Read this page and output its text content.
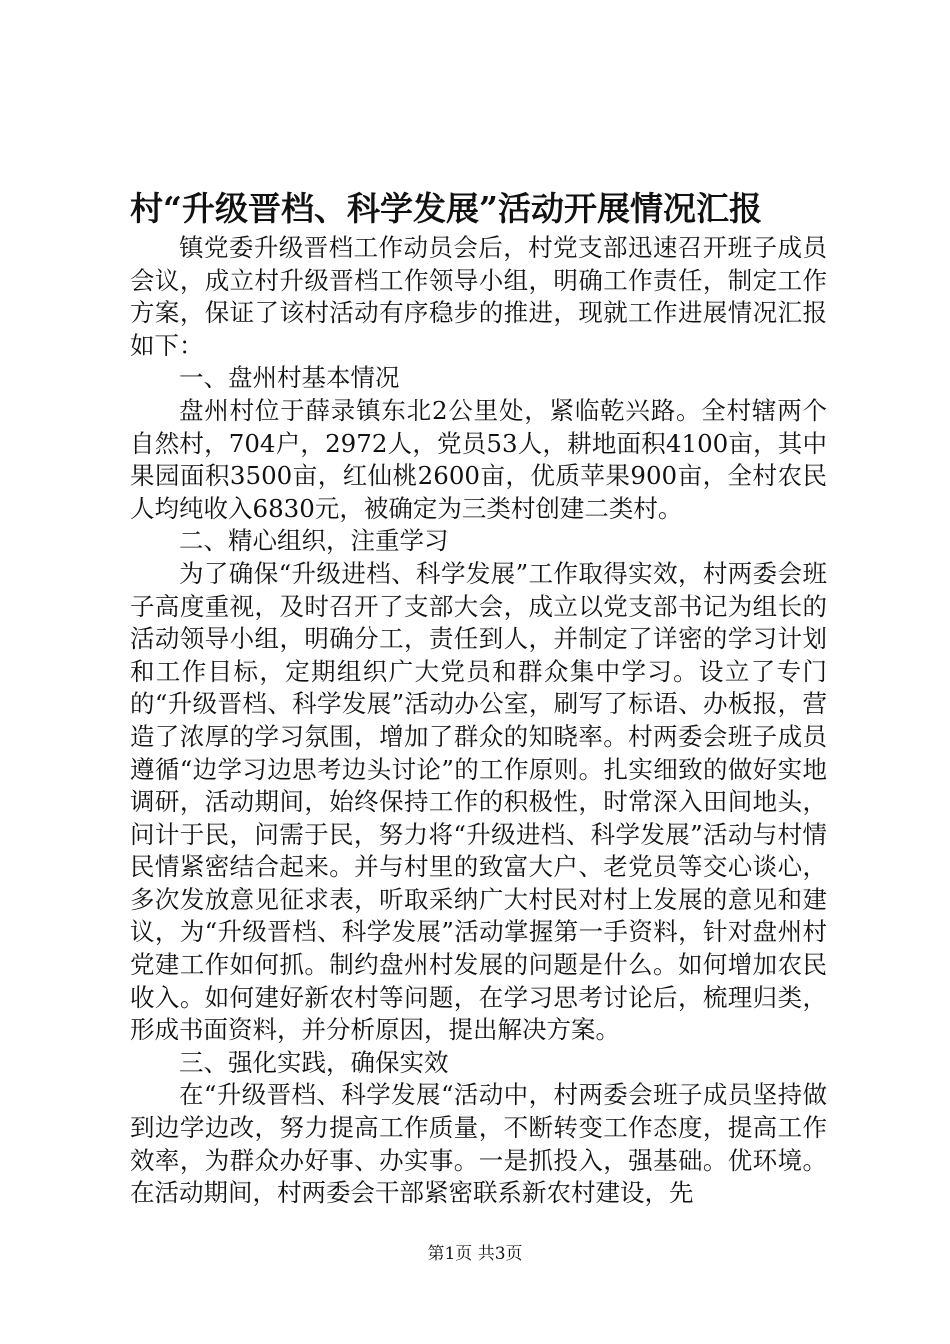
村“升级晋档、科学发展”活动开展情况汇报

镇党委升级晋档工作动员会后，村党支部迅速召开班子成员会议，成立村升级晋档工作领导小组，明确工作责任，制定工作方案，保证了该村活动有序稳步的推进，现就工作进展情况汇报如下：

一、盘州村基本情况

盘州村位于薛录镇东北2公里处，紧临乾兴路。全村辖两个自然村，704户，2972人，党员53人，耕地面积4100亩，其中果园面积3500亩，红仙桃2600亩，优质苹果900亩，全村农民人均纯收入6830元，被确定为三类村创建二类村。

二、精心组织，注重学习

为了确保“升级进档、科学发展”工作取得实效，村两委会班子高度重视，及时召开了支部大会，成立以党支部书记为组长的活动领导小组，明确分工，责任到人，并制定了详密的学习计划和工作目标，定期组织广大党员和群众集中学习。设立了专门的“升级晋档、科学发展”活动办公室，刷写了标语、办板报，营造了浓厚的学习氛围，增加了群众的知晓率。村两委会班子成员遵循“边学习边思考边头讨论”的工作原则。扎实细致的做好实地调研，活动期间，始终保持工作的积极性，时常深入田间地头，问计于民，问需于民，努力将“升级进档、科学发展”活动与村情民情紧密结合起来。并与村里的致富大户、老党员等交心谈心，多次发放意见征求表，听取采纳广大村民对村上发展的意见和建议，为“升级晋档、科学发展”活动掌握第一手资料，针对盘州村党建工作如何抓。制约盘州村发展的问题是什么。如何增加农民收入。如何建好新农村等问题，在学习思考讨论后，梳理归类，形成书面资料，并分析原因，提出解决方案。

三、强化实践，确保实效

在“升级晋档、科学发展“活动中，村两委会班子成员坚持做到边学边改，努力提高工作质量，不断转变工作态度，提高工作效率，为群众办好事、办实事。一是抓投入，强基础。优环境。在活动期间，村两委会干部紧密联系新农村建设，先

第1页 共3页
